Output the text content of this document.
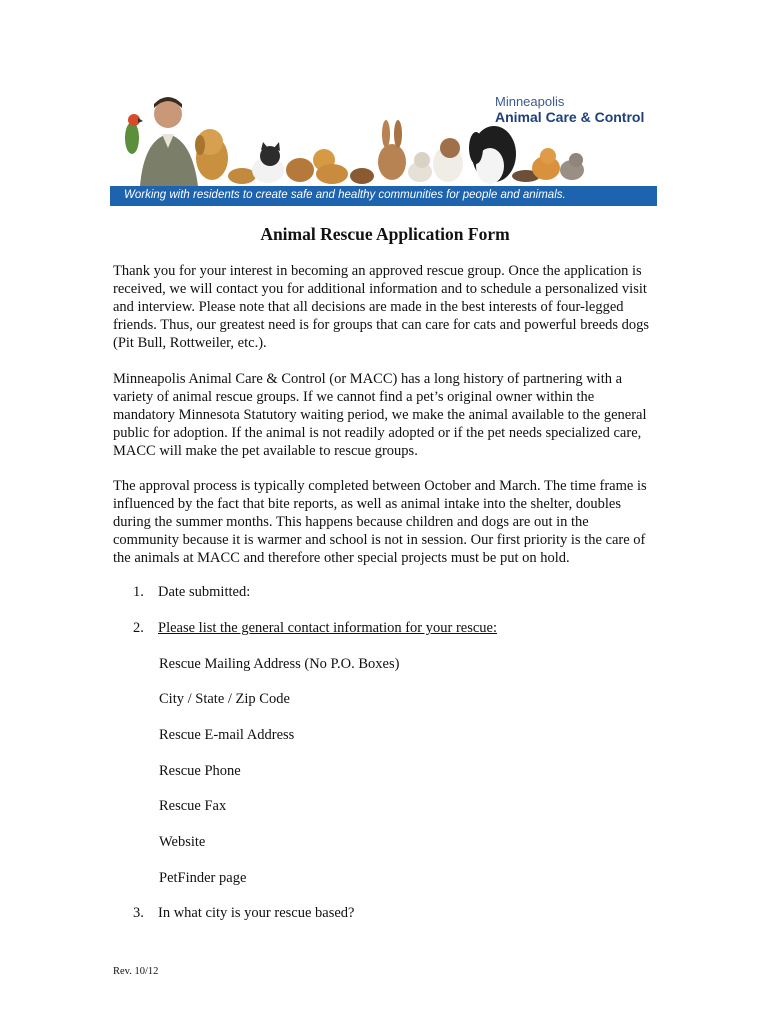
Minneapolis
Animal Care & Control
Working with residents to create safe and healthy communities for people and animals.
Animal Rescue Application Form

Thank you for your interest in becoming an approved rescue group. Once the application is received, we will contact you for additional information and to schedule a personalized visit and interview. Please note that all decisions are made in the best interests of four-legged friends. Thus, our greatest need is for groups that can care for cats and powerful breeds dogs (Pit Bull, Rottweiler, etc.).

Minneapolis Animal Care & Control (or MACC) has a long history of partnering with a variety of animal rescue groups. If we cannot find a pet’s original owner within the mandatory Minnesota Statutory waiting period, we make the animal available to the general public for adoption. If the animal is not readily adopted or if the pet needs specialized care, MACC will make the pet available to rescue groups.

The approval process is typically completed between October and March. The time frame is influenced by the fact that bite reports, as well as animal intake into the shelter, doubles during the summer months. This happens because children and dogs are out in the community because it is warmer and school is not in session. Our first priority is the care of the animals at MACC and therefore other special projects must be put on hold.

1. Date submitted:
2. Please list the general contact information for your rescue:
Rescue Mailing Address (No P.O. Boxes)
City / State / Zip Code
Rescue E-mail Address
Rescue Phone
Rescue Fax
Website
PetFinder page
3. In what city is your rescue based?
Rev. 10/12
